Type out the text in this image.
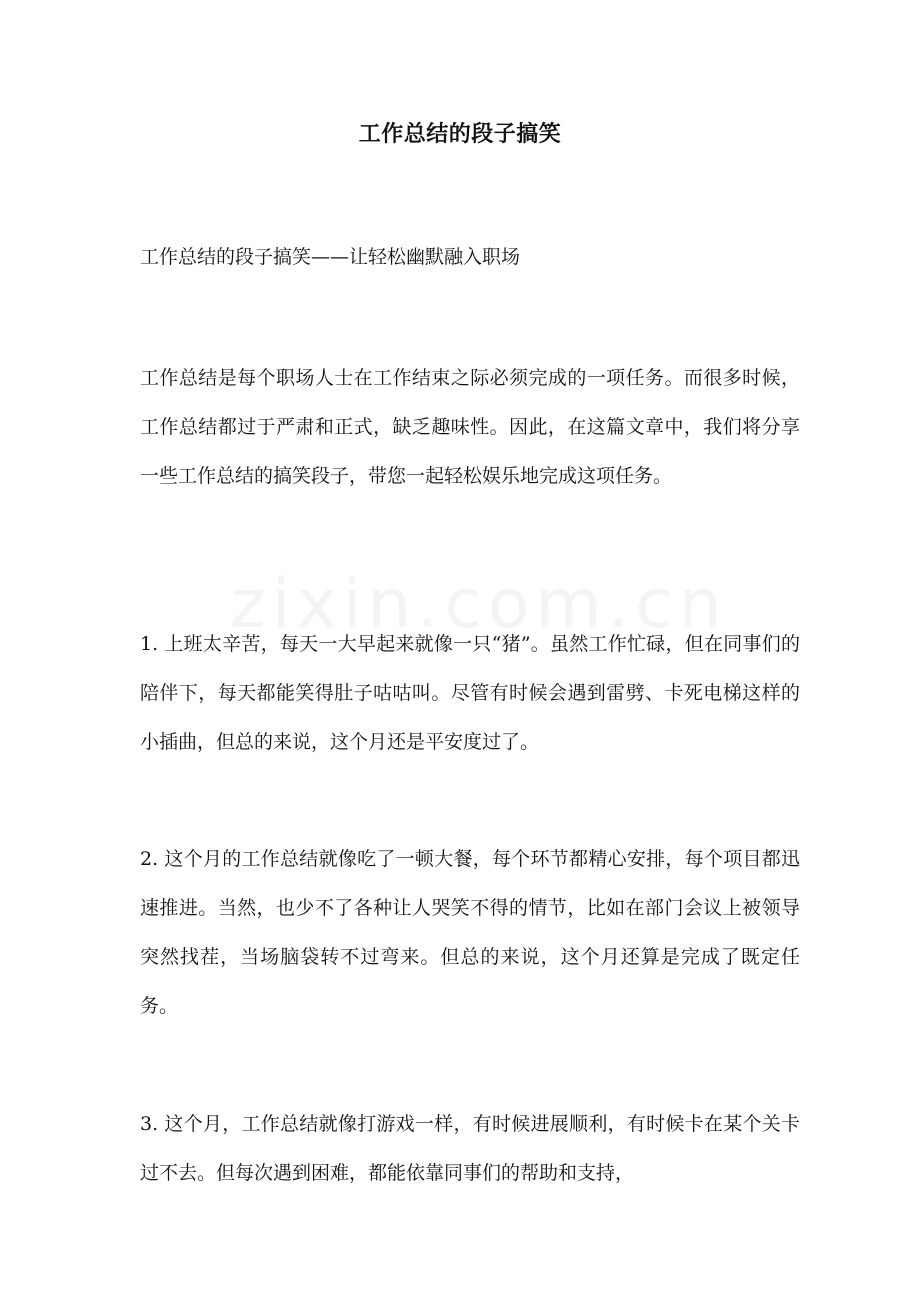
工作总结的段子搞笑
工作总结的段子搞笑——让轻松幽默融入职场

工作总结是每个职场人士在工作结束之际必须完成的一项任务。而很多时候，工作总结都过于严肃和正式，缺乏趣味性。因此，在这篇文章中，我们将分享一些工作总结的搞笑段子，带您一起轻松娱乐地完成这项任务。

1. 上班太辛苦，每天一大早起来就像一只“猪”。虽然工作忙碌，但在同事们的陪伴下，每天都能笑得肚子咕咕叫。尽管有时候会遇到雷劈、卡死电梯这样的小插曲，但总的来说，这个月还是平安度过了。

2. 这个月的工作总结就像吃了一顿大餐，每个环节都精心安排，每个项目都迅速推进。当然，也少不了各种让人哭笑不得的情节，比如在部门会议上被领导突然找茬，当场脑袋转不过弯来。但总的来说，这个月还算是完成了既定任务。

3. 这个月，工作总结就像打游戏一样，有时候进展顺利，有时候卡在某个关卡过不去。但每次遇到困难，都能依靠同事们的帮助和支持，
